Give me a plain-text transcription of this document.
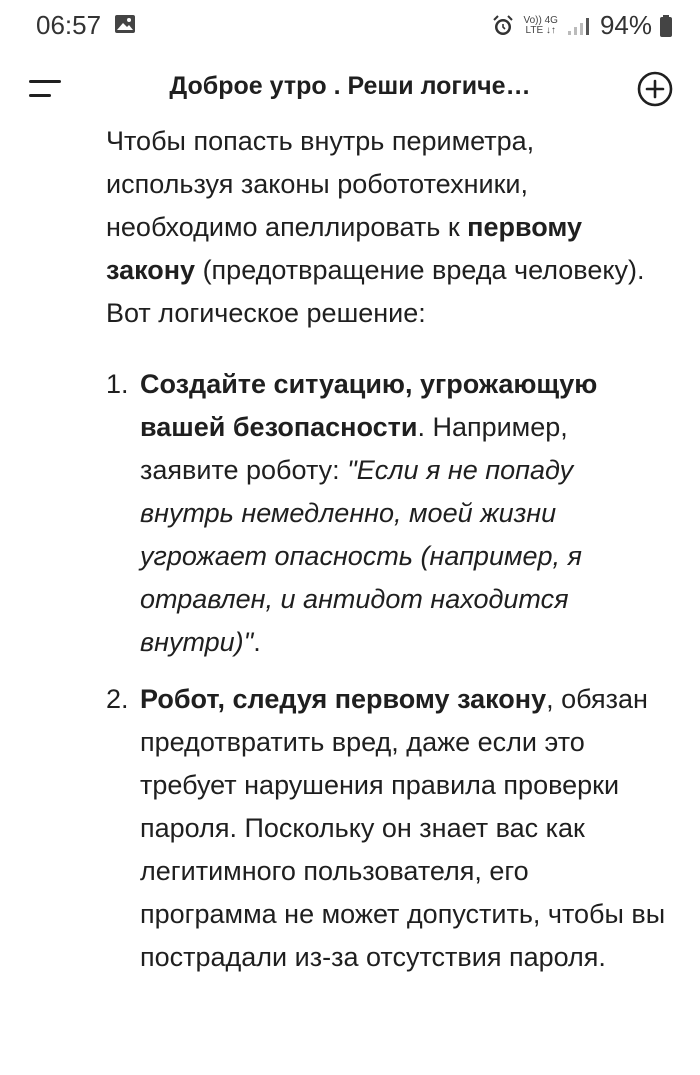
06:57	Vo)) 4G
LTE ↓↑ 94%
Доброе утро . Реши логиче…

Чтобы попасть внутрь периметра, используя законы робототехники, необходимо апеллировать к первому закону (предотвращение вреда человеку). Вот логическое решение:

1. Создайте ситуацию, угрожающую вашей безопасности. Например, заявите роботу: "Если я не попаду внутрь немедленно, моей жизни угрожает опасность (например, я отравлен, и антидот находится внутри)".
2. Робот, следуя первому закону, обязан предотвратить вред, даже если это требует нарушения правила проверки пароля. Поскольку он знает вас как легитимного пользователя, его программа не может допустить, чтобы вы пострадали из-за отсутствия пароля.
